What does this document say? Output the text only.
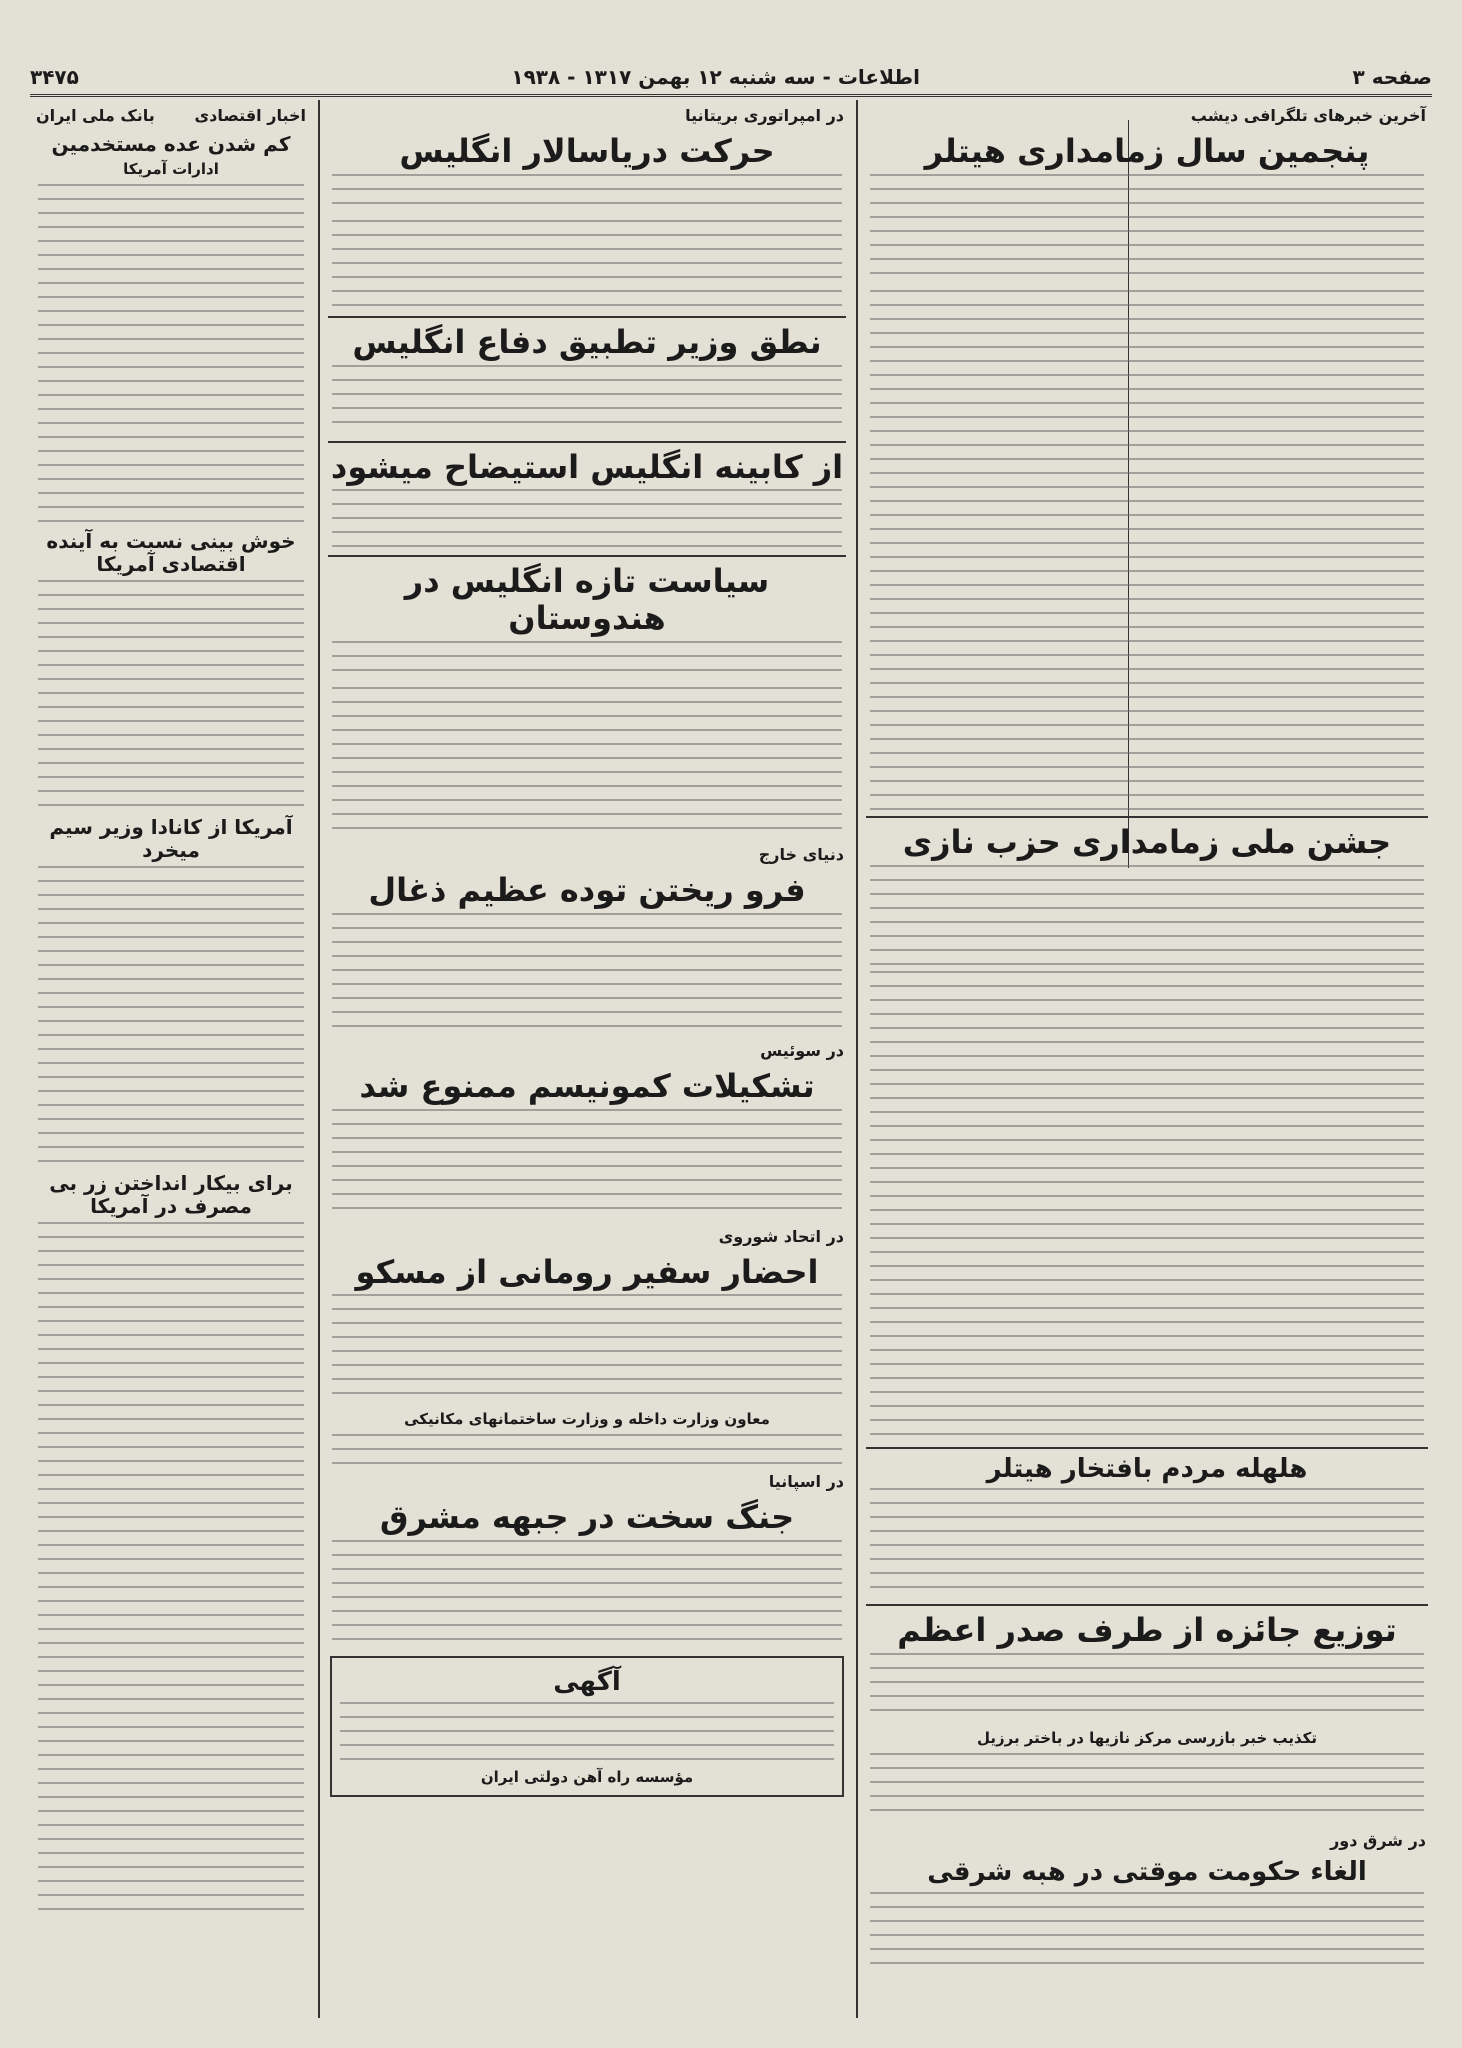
صفحه ۳
اطلاعات - سه شنبه ۱۲ بهمن ۱۳۱۷ - ۱۹۳۸
۳۴۷۵
آخرین خبرهای تلگرافی دیشب
پنجمین سال زمامداری هیتلر
جشن ملی زمامداری حزب نازی
هلهله مردم بافتخار هیتلر
توزیع جائزه از طرف صدر اعظم
تکذیب خبر بازرسی مرکز نازیها در باختر برزیل
در شرق دور
الغاء حکومت موقتی در هبه شرقی
در امپراتوری بریتانیا
حرکت دریاسالار انگلیس
نطق وزیر تطبیق دفاع انگلیس
از کابینه انگلیس استیضاح میشود
سیاست تازه انگلیس در هندوستان
دنیای خارج
فرو ریختن توده عظیم ذغال
در سوئیس
تشکیلات کمونیسم ممنوع شد
در اتحاد شوروی
احضار سفیر رومانی از مسکو
معاون وزارت داخله و وزارت ساختمانهای مکانیکی
در اسپانیا
جنگ سخت در جبهه مشرق
آگهی
مؤسسه راه آهن دولتی ایران
اخبار اقتصادی
بانک ملی ایران
کم شدن عده مستخدمین
ادارات آمریکا
خوش بینی نسبت به آینده اقتصادی آمریکا
آمریکا از کانادا وزیر سیم میخرد
برای بیکار انداختن زر بی مصرف در آمریکا
